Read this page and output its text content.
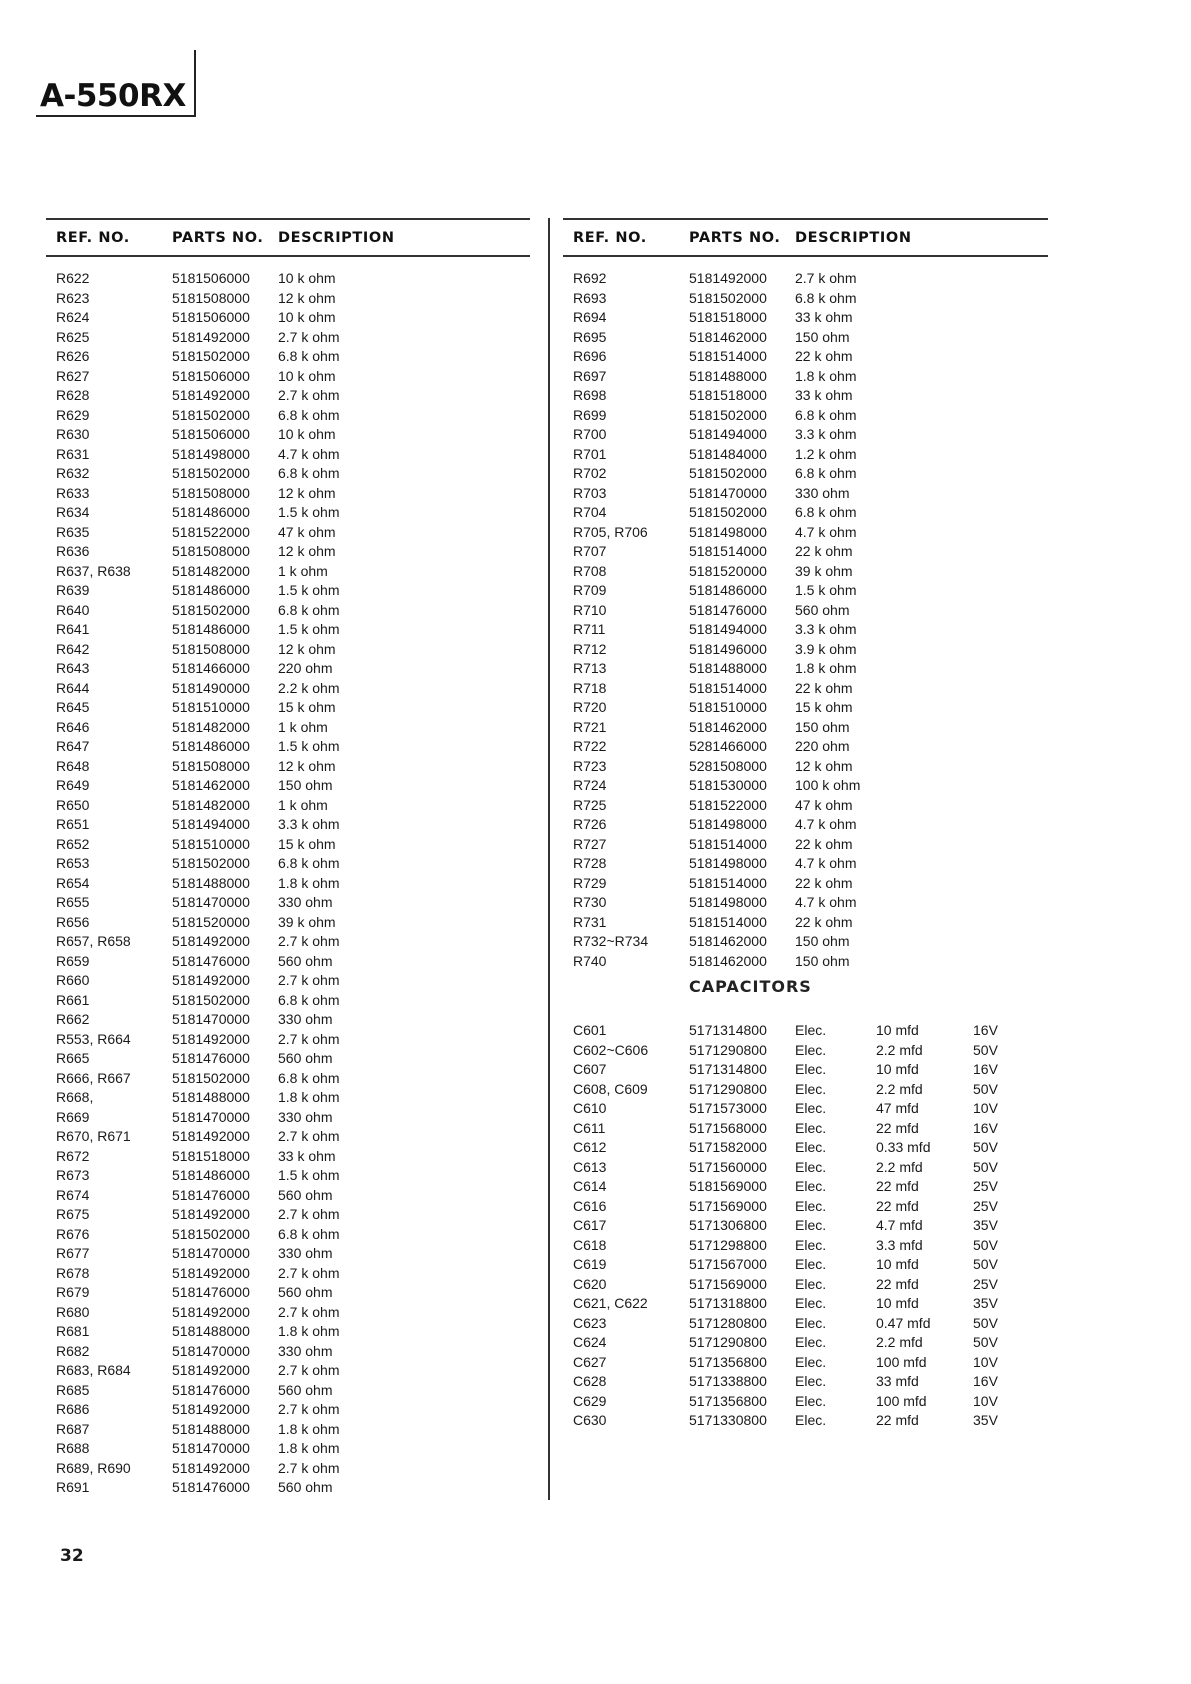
A-550RX
REF. NO.	PARTS NO. DESCRIPTION
R622	5181506000 10 k ohm
R623	5181508000 12 k ohm
R624	5181506000 10 k ohm
R625	5181492000 2.7 k ohm
R626	5181502000 6.8 k ohm
R627	5181506000 10 k ohm
R628	5181492000 2.7 k ohm
R629	5181502000 6.8 k ohm
R630	5181506000 10 k ohm
R631	5181498000 4.7 k ohm
R632	5181502000 6.8 k ohm
R633	5181508000 12 k ohm
R634	5181486000 1.5 k ohm
R635	5181522000 47 k ohm
R636	5181508000 12 k ohm
R637, R638	5181482000 1 k ohm
R639	5181486000 1.5 k ohm
R640	5181502000 6.8 k ohm
R641	5181486000 1.5 k ohm
R642	5181508000 12 k ohm
R643	5181466000 220 ohm
R644	5181490000 2.2 k ohm
R645	5181510000 15 k ohm
R646	5181482000 1 k ohm
R647	5181486000 1.5 k ohm
R648	5181508000 12 k ohm
R649	5181462000 150 ohm
R650	5181482000 1 k ohm
R651	5181494000 3.3 k ohm
R652	5181510000 15 k ohm
R653	5181502000 6.8 k ohm
R654	5181488000 1.8 k ohm
R655	5181470000 330 ohm
R656	5181520000 39 k ohm
R657, R658	5181492000 2.7 k ohm
R659	5181476000 560 ohm
R660	5181492000 2.7 k ohm
R661	5181502000 6.8 k ohm
R662	5181470000 330 ohm
R553, R664	5181492000 2.7 k ohm
R665	5181476000 560 ohm
R666, R667	5181502000 6.8 k ohm
R668,	5181488000 1.8 k ohm
R669	5181470000 330 ohm
R670, R671	5181492000 2.7 k ohm
R672	5181518000 33 k ohm
R673	5181486000 1.5 k ohm
R674	5181476000 560 ohm
R675	5181492000 2.7 k ohm
R676	5181502000 6.8 k ohm
R677	5181470000 330 ohm
R678	5181492000 2.7 k ohm
R679	5181476000 560 ohm
R680	5181492000 2.7 k ohm
R681	5181488000 1.8 k ohm
R682	5181470000 330 ohm
R683, R684	5181492000 2.7 k ohm
R685	5181476000 560 ohm
R686	5181492000 2.7 k ohm
R687	5181488000 1.8 k ohm
R688	5181470000 1.8 k ohm
R689, R690	5181492000 2.7 k ohm
R691	5181476000 560 ohm
REF. NO.	PARTS NO. DESCRIPTION
R692	5181492000 2.7 k ohm
R693	5181502000 6.8 k ohm
R694	5181518000 33 k ohm
R695	5181462000 150 ohm
R696	5181514000 22 k ohm
R697	5181488000 1.8 k ohm
R698	5181518000 33 k ohm
R699	5181502000 6.8 k ohm
R700	5181494000 3.3 k ohm
R701	5181484000 1.2 k ohm
R702	5181502000 6.8 k ohm
R703	5181470000 330 ohm
R704	5181502000 6.8 k ohm
R705, R706	5181498000 4.7 k ohm
R707	5181514000 22 k ohm
R708	5181520000 39 k ohm
R709	5181486000 1.5 k ohm
R710	5181476000 560 ohm
R711	5181494000 3.3 k ohm
R712	5181496000 3.9 k ohm
R713	5181488000 1.8 k ohm
R718	5181514000 22 k ohm
R720	5181510000 15 k ohm
R721	5181462000 150 ohm
R722	5281466000 220 ohm
R723	5281508000 12 k ohm
R724	5181530000 100 k ohm
R725	5181522000 47 k ohm
R726	5181498000 4.7 k ohm
R727	5181514000 22 k ohm
R728	5181498000 4.7 k ohm
R729	5181514000 22 k ohm
R730	5181498000 4.7 k ohm
R731	5181514000 22 k ohm
R732~R734	5181462000 150 ohm
R740	5181462000 150 ohm
CAPACITORS
C601	5171314800 Elec.	10 mfd	16V
C602~C606	5171290800 Elec.	2.2 mfd	50V
C607	5171314800 Elec.	10 mfd	16V
C608, C609	5171290800 Elec.	2.2 mfd	50V
C610	5171573000 Elec.	47 mfd	10V
C611	5171568000 Elec.	22 mfd	16V
C612	5171582000 Elec.	0.33 mfd	50V
C613	5171560000 Elec.	2.2 mfd	50V
C614	5181569000 Elec.	22 mfd	25V
C616	5171569000 Elec.	22 mfd	25V
C617	5171306800 Elec.	4.7 mfd	35V
C618	5171298800 Elec.	3.3 mfd	50V
C619	5171567000 Elec.	10 mfd	50V
C620	5171569000 Elec.	22 mfd	25V
C621, C622	5171318800 Elec.	10 mfd	35V
C623	5171280800 Elec.	0.47 mfd	50V
C624	5171290800 Elec.	2.2 mfd	50V
C627	5171356800 Elec.	100 mfd	10V
C628	5171338800 Elec.	33 mfd	16V
C629	5171356800 Elec.	100 mfd	10V
C630	5171330800 Elec.	22 mfd	35V
32
